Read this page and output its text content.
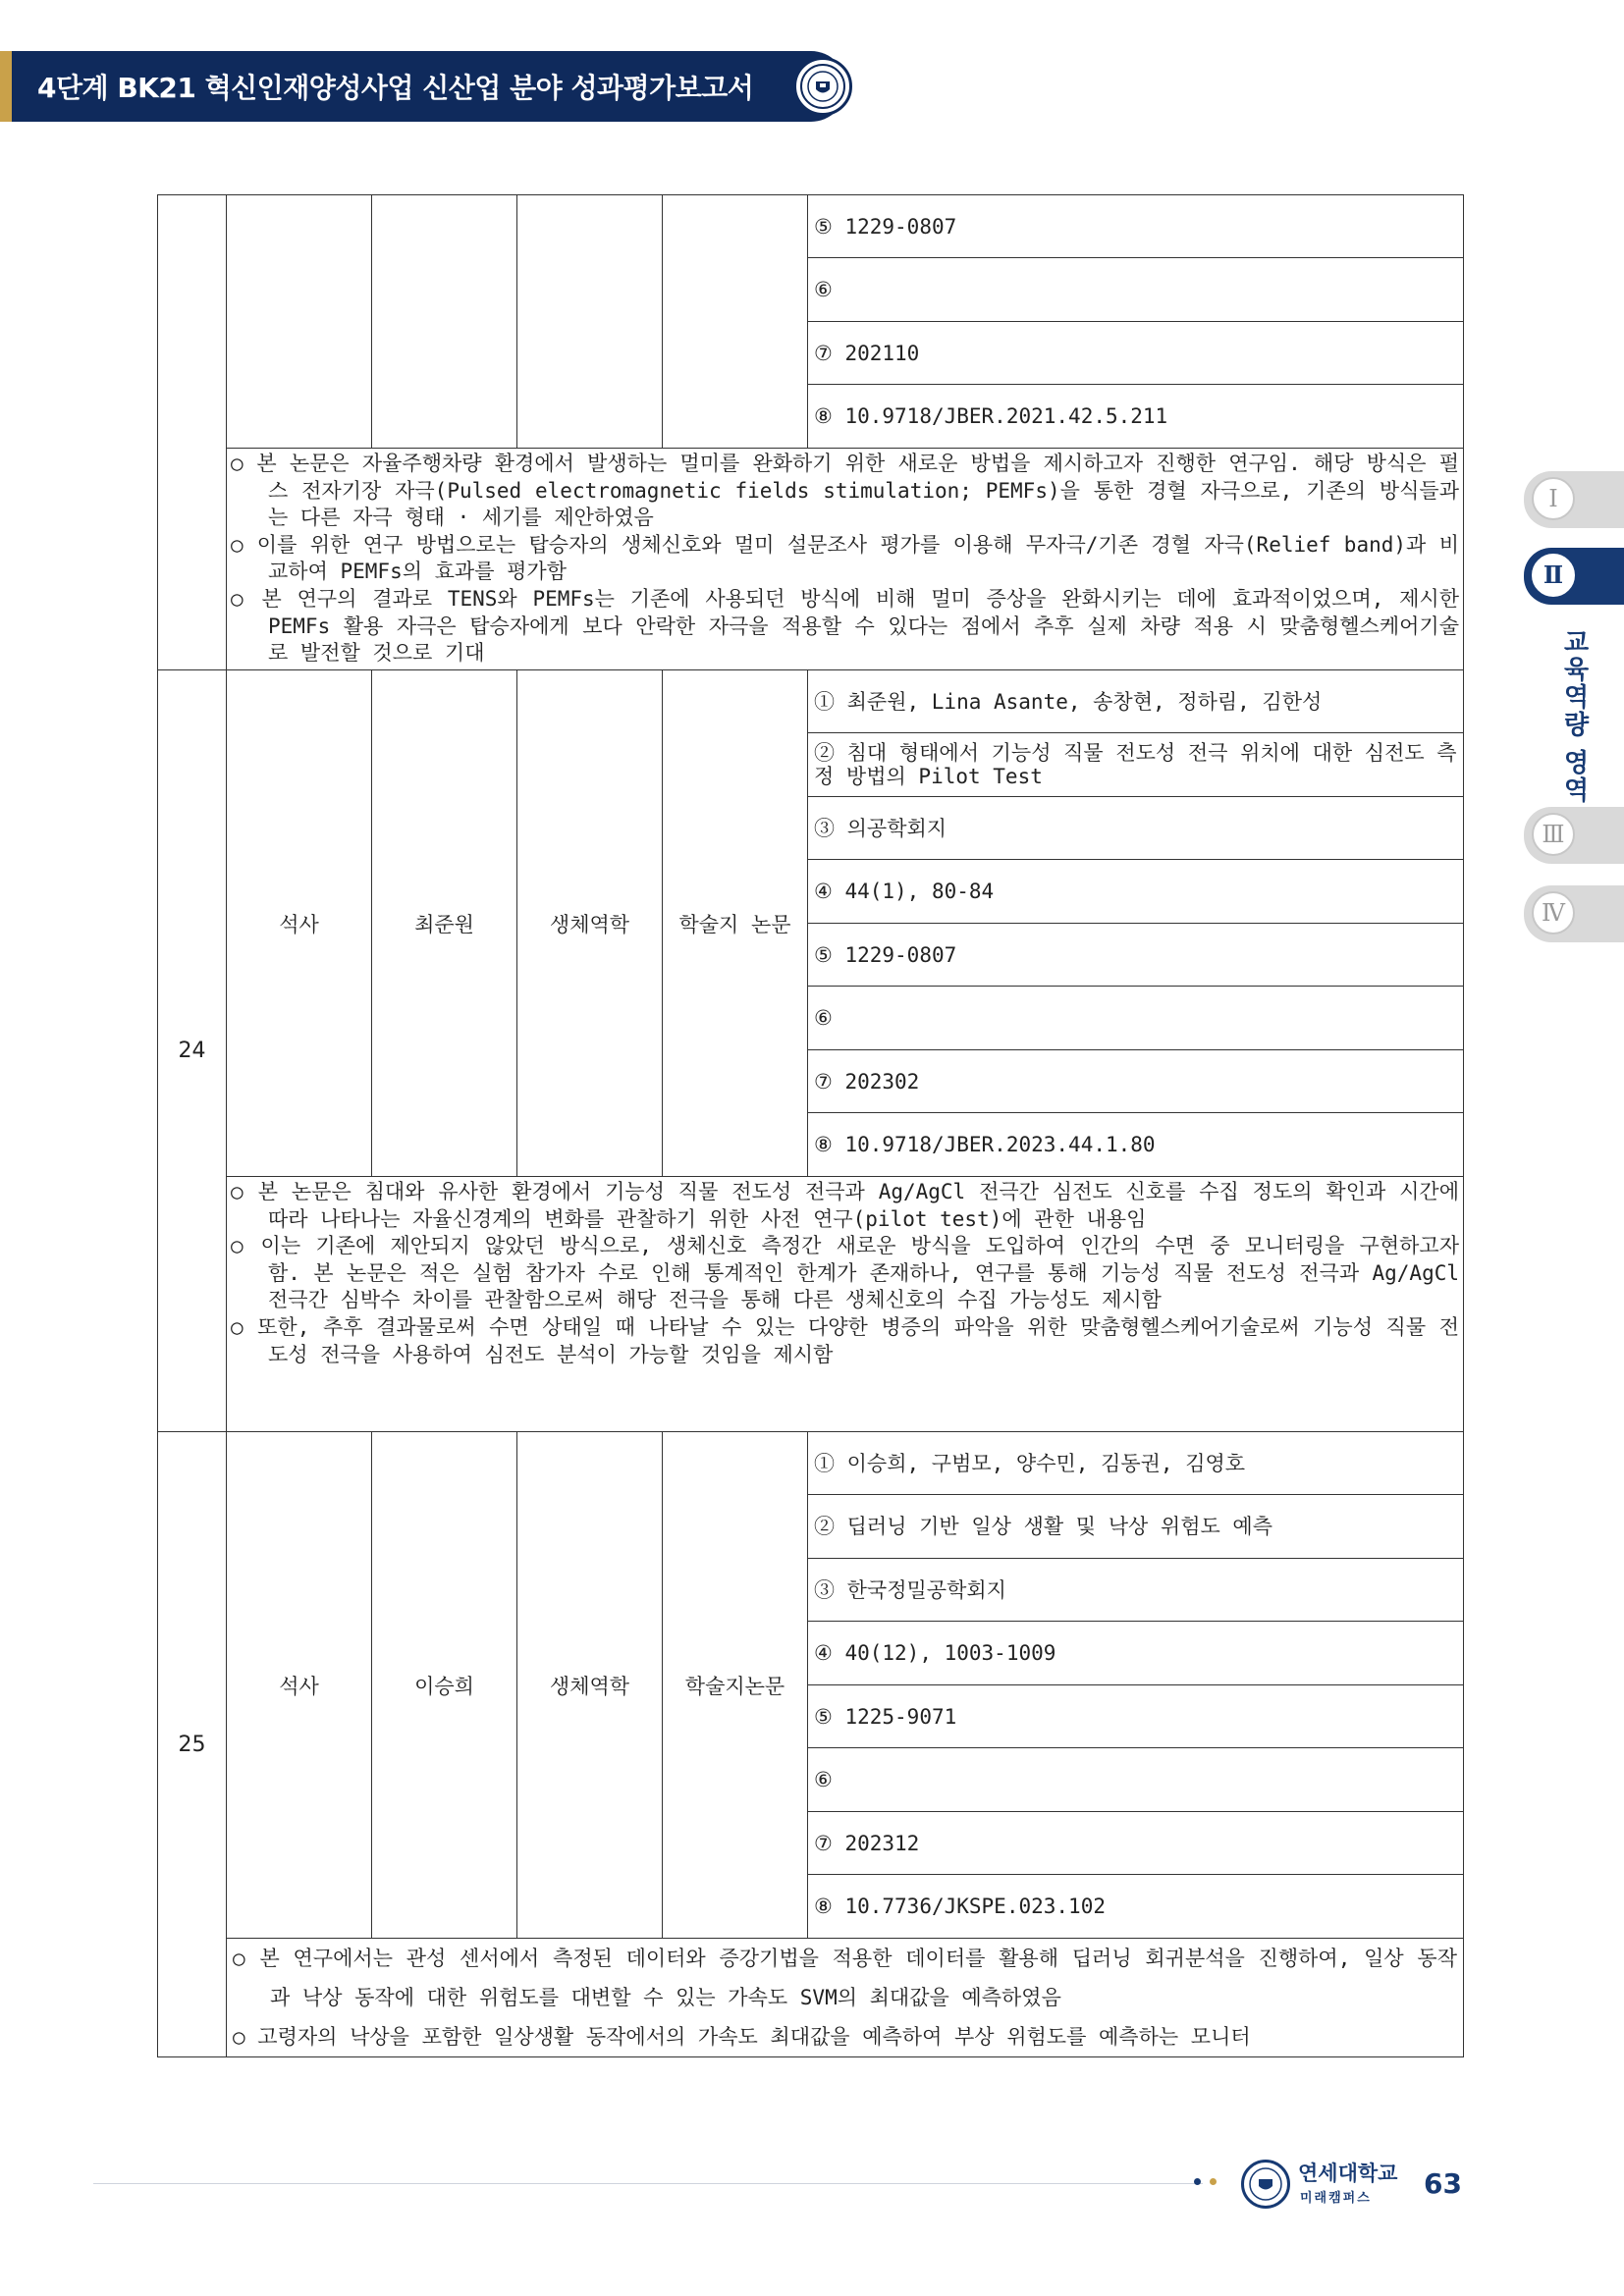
4단계 BK21 혁신인재양성사업 신산업 분야 성과평가보고서
Ⅰ
Ⅱ
교육역량 영역
Ⅲ
Ⅳ
					⑤ 1229-0807
					⑥
					⑦ 202110
					⑧ 10.9718/JBER.2021.42.5.211

	○ 본 논문은 자율주행차량 환경에서 발생하는 멀미를 완화하기 위한 새로운 방법을 제시하고자 진행한 연구임. 해당 방식은 펄스 전자기장 자극(Pulsed electromagnetic fields stimulation; PEMFs)을 통한 경혈 자극으로, 기존의 방식들과는 다른 자극 형태 · 세기를 제안하였음
○ 이를 위한 연구 방법으로는 탑승자의 생체신호와 멀미 설문조사 평가를 이용해 무자극/기존 경혈 자극(Relief band)과 비교하여 PEMFs의 효과를 평가함
○ 본 연구의 결과로 TENS와 PEMFs는 기존에 사용되던 방식에 비해 멀미 증상을 완화시키는 데에 효과적이었으며, 제시한 PEMFs 활용 자극은 탑승자에게 보다 안락한 자극을 적용할 수 있다는 점에서 추후 실제 차량 적용 시 맞춤형헬스케어기술로 발전할 것으로 기대				

24	석사	최준원	생체역학	학술지 논문	① 최준원, Lina Asante, 송창현, 정하림, 김한성
					② 침대 형태에서 기능성 직물 전도성 전극 위치에 대한 심전도 측정 방법의 Pilot Test
					③ 의공학회지
					④ 44(1), 80-84
					⑤ 1229-0807
					⑥
					⑦ 202302
					⑧ 10.9718/JBER.2023.44.1.80

	○ 본 논문은 침대와 유사한 환경에서 기능성 직물 전도성 전극과 Ag/AgCl 전극간 심전도 신호를 수집 정도의 확인과 시간에 따라 나타나는 자율신경계의 변화를 관찰하기 위한 사전 연구(pilot test)에 관한 내용임
○ 이는 기존에 제안되지 않았던 방식으로, 생체신호 측정간 새로운 방식을 도입하여 인간의 수면 중 모니터링을 구현하고자 함. 본 논문은 적은 실험 참가자 수로 인해 통계적인 한계가 존재하나, 연구를 통해 기능성 직물 전도성 전극과 Ag/AgCl 전극간 심박수 차이를 관찰함으로써 해당 전극을 통해 다른 생체신호의 수집 가능성도 제시함
○ 또한, 추후 결과물로써 수면 상태일 때 나타날 수 있는 다양한 병증의 파악을 위한 맞춤형헬스케어기술로써 기능성 직물 전도성 전극을 사용하여 심전도 분석이 가능할 것임을 제시함				

25	석사	이승희	생체역학	학술지논문	① 이승희, 구범모, 양수민, 김동권, 김영호
					② 딥러닝 기반 일상 생활 및 낙상 위험도 예측
					③ 한국정밀공학회지
					④ 40(12), 1003-1009
					⑤ 1225-9071
					⑥
					⑦ 202312
					⑧ 10.7736/JKSPE.023.102

	○ 본 연구에서는 관성 센서에서 측정된 데이터와 증강기법을 적용한 데이터를 활용해 딥러닝 회귀분석을 진행하여, 일상 동작과 낙상 동작에 대한 위험도를 대변할 수 있는 가속도 SVM의 최대값을 예측하였음
○ 고령자의 낙상을 포함한 일상생활 동작에서의 가속도 최대값을 예측하여 부상 위험도를 예측하는 모니터				
연세대학교
미래캠퍼스 63
